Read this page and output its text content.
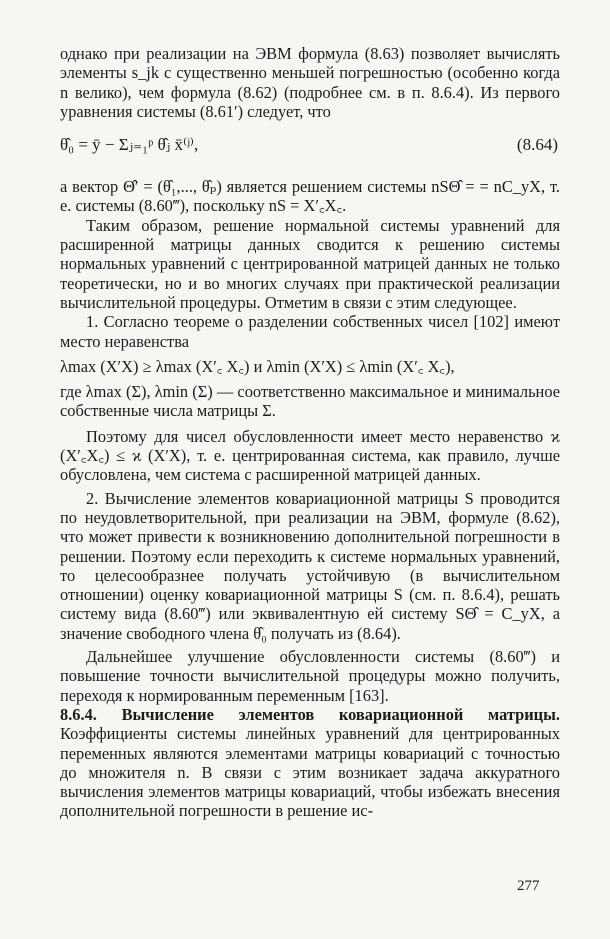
однако при реализации на ЭВМ формула (8.63) позволяет вычислять элементы s_jk с существенно меньшей погрешностью (особенно когда n велико), чем формула (8.62) (подробнее см. в п. 8.6.4). Из первого уравнения системы (8.61′) следует, что

θ̂₀ = ȳ − Σⱼ₌₁ᵖ θ̂ⱼ x̄⁽ʲ⁾,	(8.64)

а вектор Θ̂′ = (θ̂₁,..., θ̂ₚ) является решением системы nSΘ̂ = = nC_yX, т. е. системы (8.60‴), поскольку nS = X′꜀X꜀.

Таким образом, решение нормальной системы уравнений для расширенной матрицы данных сводится к решению системы нормальных уравнений с центрированной матрицей данных не только теоретически, но и во многих случаях при практической реализации вычислительной процедуры. Отметим в связи с этим следующее.

1. Согласно теореме о разделении собственных чисел [102] имеют место неравенства

λmax (X′X) ≥ λmax (X′꜀ X꜀) и λmin (X′X) ≤ λmin (X′꜀ X꜀),

где λmax (Σ), λmin (Σ) — соответственно максимальное и минимальное собственные числа матрицы Σ.

Поэтому для чисел обусловленности имеет место неравенство ϰ (X′꜀X꜀) ≤ ϰ (X′X), т. е. центрированная система, как правило, лучше обусловлена, чем система с расширенной матрицей данных.

2. Вычисление элементов ковариационной матрицы S проводится по неудовлетворительной, при реализации на ЭВМ, формуле (8.62), что может привести к возникновению дополнительной погрешности в решении. Поэтому если переходить к системе нормальных уравнений, то целесообразнее получать устойчивую (в вычислительном отношении) оценку ковариационной матрицы S (см. п. 8.6.4), решать систему вида (8.60‴) или эквивалентную ей систему SΘ̂ = C_yX, а значение свободного члена θ̂₀ получать из (8.64).

Дальнейшее улучшение обусловленности системы (8.60‴) и повышение точности вычислительной процедуры можно получить, переходя к нормированным переменным [163].

8.6.4. Вычисление элементов ковариационной матрицы. Коэффициенты системы линейных уравнений для центрированных переменных являются элементами матрицы ковариаций с точностью до множителя n. В связи с этим возникает задача аккуратного вычисления элементов матрицы ковариаций, чтобы избежать внесения дополнительной погрешности в решение ис-

277
